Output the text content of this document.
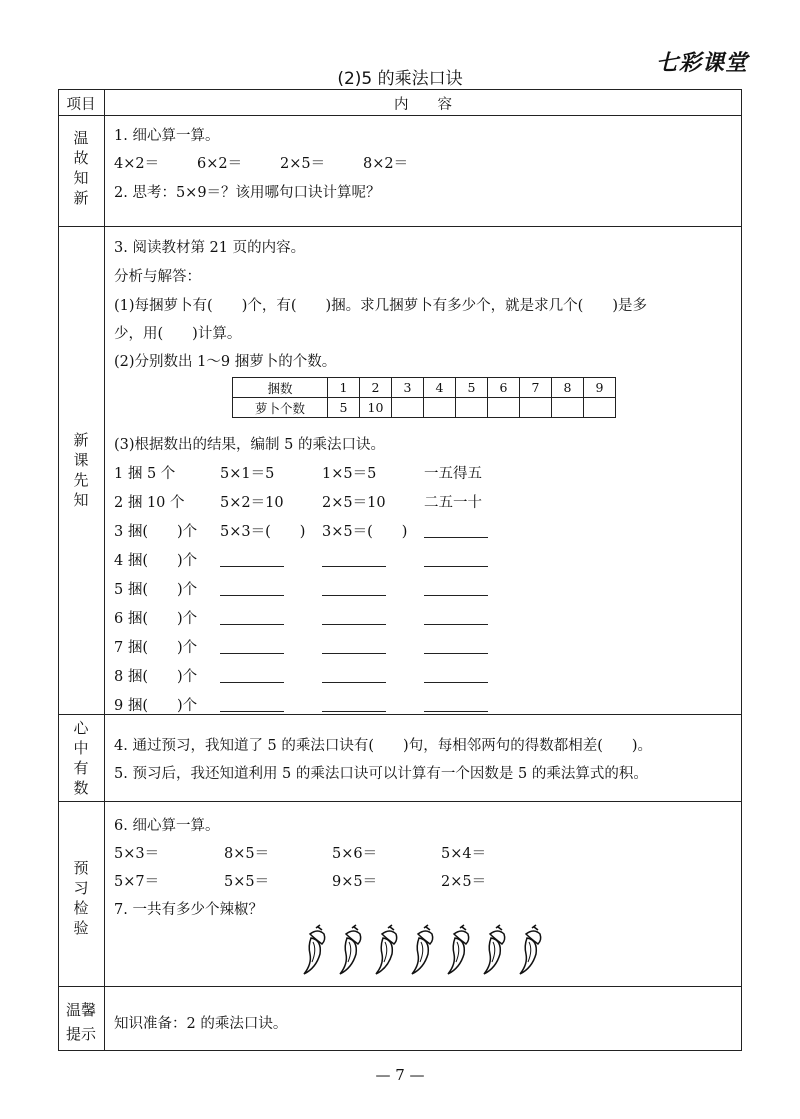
(2)5 的乘法口诀
七彩课堂
项目	内　　容
温
故
知
新
1. 细心算一算。
4×2＝	6×2＝	2×5＝	8×2＝
2. 思考：5×9＝？该用哪句口诀计算呢？
新
课
先
知
3. 阅读教材第 21 页的内容。
分析与解答：
(1)每捆萝卜有(　　)个，有(　　)捆。求几捆萝卜有多少个，就是求几个(　　)是多
少，用(　　)计算。
(2)分别数出 1～9 捆萝卜的个数。
捆数	1	2	3	4	5	6	7	8	9
萝卜个数	5	10							
(3)根据数出的结果，编制 5 的乘法口诀。
1 捆 5 个	5×1＝5	1×5＝5	一五得五
2 捆 10 个 5×2＝10	2×5＝10	二五一十
3 捆(　　)个 5×3＝(　　) 3×5＝(　　)
4 捆(　　)个
5 捆(　　)个
6 捆(　　)个
7 捆(　　)个
8 捆(　　)个
9 捆(　　)个
心
中
有
数
4. 通过预习，我知道了 5 的乘法口诀有(　　)句，每相邻两句的得数都相差(　　)。
5. 预习后，我还知道利用 5 的乘法口诀可以计算有一个因数是 5 的乘法算式的积。
预
习
检
验
6. 细心算一算。
5×3＝	8×5＝	5×6＝	5×4＝
5×7＝	5×5＝	9×5＝	2×5＝
7. 一共有多少个辣椒？
温馨
提示
知识准备：2 的乘法口诀。
— 7 —
